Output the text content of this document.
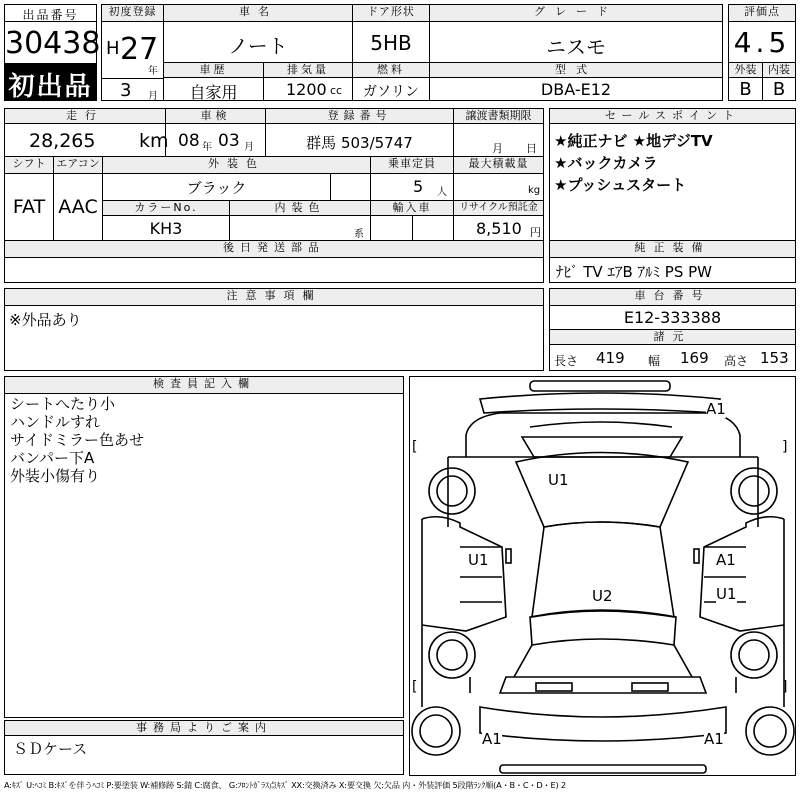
出品番号
30438
初出品
初度登録
H 27
年
3 月
車名
ノート
ドア形状
5HB
グレード
ニスモ
車歴
自家用
排気量
1200 cc
燃料
ガソリン
型式
DBA-E12
評価点
4.5
外装	内装
B	B
走行
28,265 km
車検
08 年 03 月
登録番号
群馬 503/5747
譲渡書類期限
月 日
シフト
FAT
エアコン
AAC
外装色
ブラック
乗車定員
5 人
最大積載量
kg
カラーNo.
KH3
内装色
系
輸入車	リサイクル預託金
8,510 円
後日発送部品
セールスポイント
★純正ナビ ★地デジTV
★バックカメラ
★プッシュスタート
純正装備
ﾅﾋﾞ TV ｴｱB ｱﾙﾐ PS PW
注意事項欄
※外品あり
車台番号
E12-333388
諸元
長さ 419 幅 169 高さ 153
検査員記入欄
シートへたり小
ハンドルすれ
サイドミラー色あせ
バンパー下A
外装小傷有り
事務局よりご案内
ＳＤケース
[	]
[	]
A1
U1
U1	A1
U1
U2
A1	A1
A:ｷｽﾞ U:ﾍｺﾐ B:ｷｽﾞを伴うﾍｺﾐ P:要塗装 W:補修跡 S:錆 C:腐食、 G:ﾌﾛﾝﾄｶﾞﾗｽ点ｷｽﾞ XX:交換済み X:要交換 欠:欠品 内・外装評価 5段階ﾗﾝｸ順(A・B・C・D・E) 2
